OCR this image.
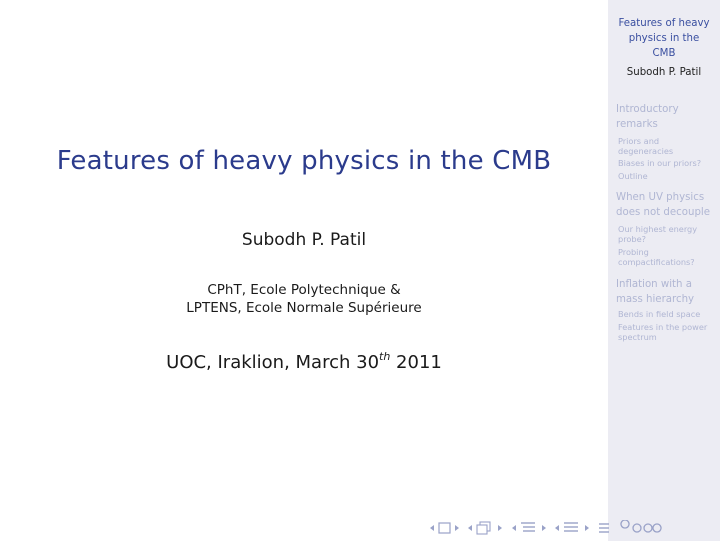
Features of heavy physics in the CMB
Subodh P. Patil
CPhT, Ecole Polytechnique &
LPTENS, Ecole Normale Supérieure
UOC, Iraklion, March 30th 2011
Features of heavy
physics in the
CMB
Subodh P. Patil
Introductory
remarks
Priors and
degeneracies
Biases in our priors?
Outline
When UV physics
does not decouple
Our highest energy
probe?
Probing
compactifications?
Inflation with a
mass hierarchy
Bends in field space
Features in the power
spectrum
